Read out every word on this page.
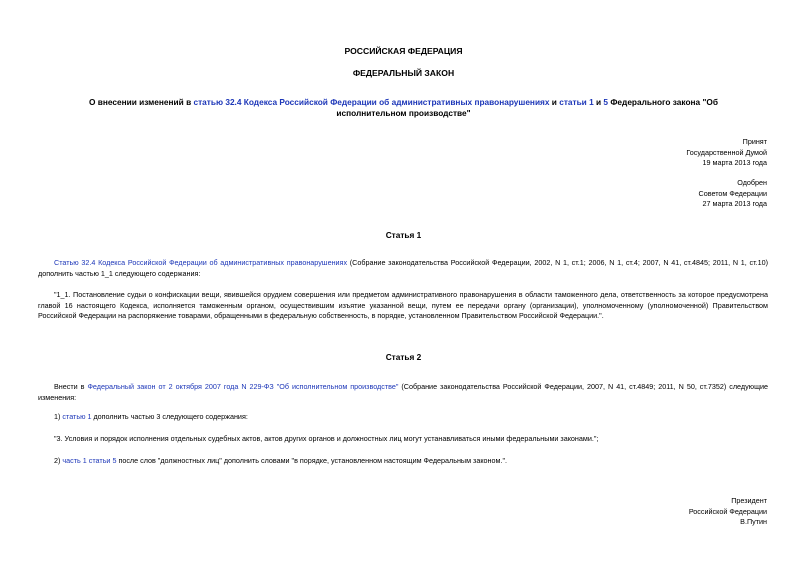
РОССИЙСКАЯ ФЕДЕРАЦИЯ
ФЕДЕРАЛЬНЫЙ ЗАКОН
О внесении изменений в статью 32.4 Кодекса Российской Федерации об административных правонарушениях и статьи 1 и 5 Федерального закона "Об
исполнительном производстве"
Принят
Государственной Думой
19 марта 2013 года
Одобрен
Советом Федерации
27 марта 2013 года
Статья 1
Статью 32.4 Кодекса Российской Федерации об административных правонарушениях (Собрание законодательства Российской Федерации, 2002, N 1, ст.1; 2006, N 1, ст.4; 2007, N 41, ст.4845; 2011, N 1, ст.10) дополнить частью 1_1 следующего содержания:
"1_1. Постановление судьи о конфискации вещи, явившейся орудием совершения или предметом административного правонарушения в области таможенного дела, ответственность за которое предусмотрена главой 16 настоящего Кодекса, исполняется таможенным органом, осуществившим изъятие указанной вещи, путем ее передачи органу (организации), уполномоченному (уполномоченной) Правительством Российской Федерации на распоряжение товарами, обращенными в федеральную собственность, в порядке, установленном Правительством Российской Федерации.".
Статья 2
Внести в Федеральный закон от 2 октября 2007 года N 229-ФЗ "Об исполнительном производстве" (Собрание законодательства Российской Федерации, 2007, N 41, ст.4849; 2011, N 50, ст.7352) следующие изменения:
1) статью 1 дополнить частью 3 следующего содержания:
"3. Условия и порядок исполнения отдельных судебных актов, актов других органов и должностных лиц могут устанавливаться иными федеральными законами.";
2) часть 1 статьи 5 после слов "должностных лиц" дополнить словами "в порядке, установленном настоящим Федеральным законом.".
Президент
Российской Федерации
В.Путин
